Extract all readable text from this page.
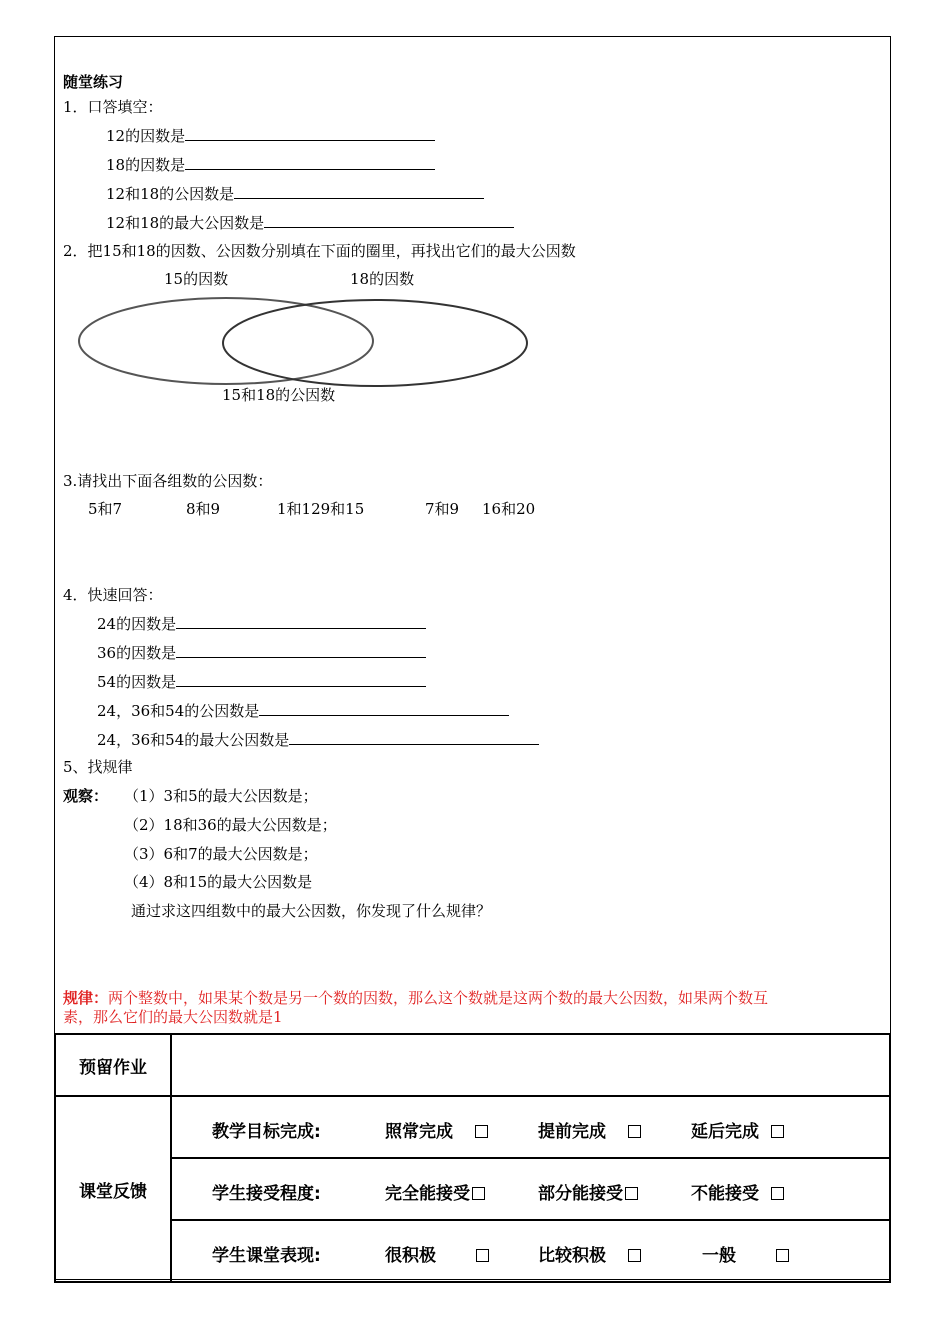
随堂练习
1．口答填空：
12的因数是
18的因数是
12和18的公因数是
12和18的最大公因数是
2．把15和18的因数、公因数分别填在下面的圈里，再找出它们的最大公因数
15的因数	18的因数
15和18的公因数
3.请找出下面各组数的公因数：
5和7	8和9	1和129和15	7和9 16和20
4．快速回答：
24的因数是
36的因数是
54的因数是
24，36和54的公因数是
24，36和54的最大公因数是
5、找规律
观察： （1）3和5的最大公因数是；
（2）18和36的最大公因数是；
（3）6和7的最大公因数是；
（4）8和15的最大公因数是
通过求这四组数中的最大公因数，你发现了什么规律？
规律：两个整数中，如果某个数是另一个数的因数，那么这个数就是这两个数的最大公因数，如果两个数互
素，那么它们的最大公因数就是1
预留作业	
课堂反馈	教学目标完成: 照常完成 提前完成 延后完成

	学生接受程度: 完全能接受 部分能接受 不能接受

	学生课堂表现: 很积极 比较积极 一般
